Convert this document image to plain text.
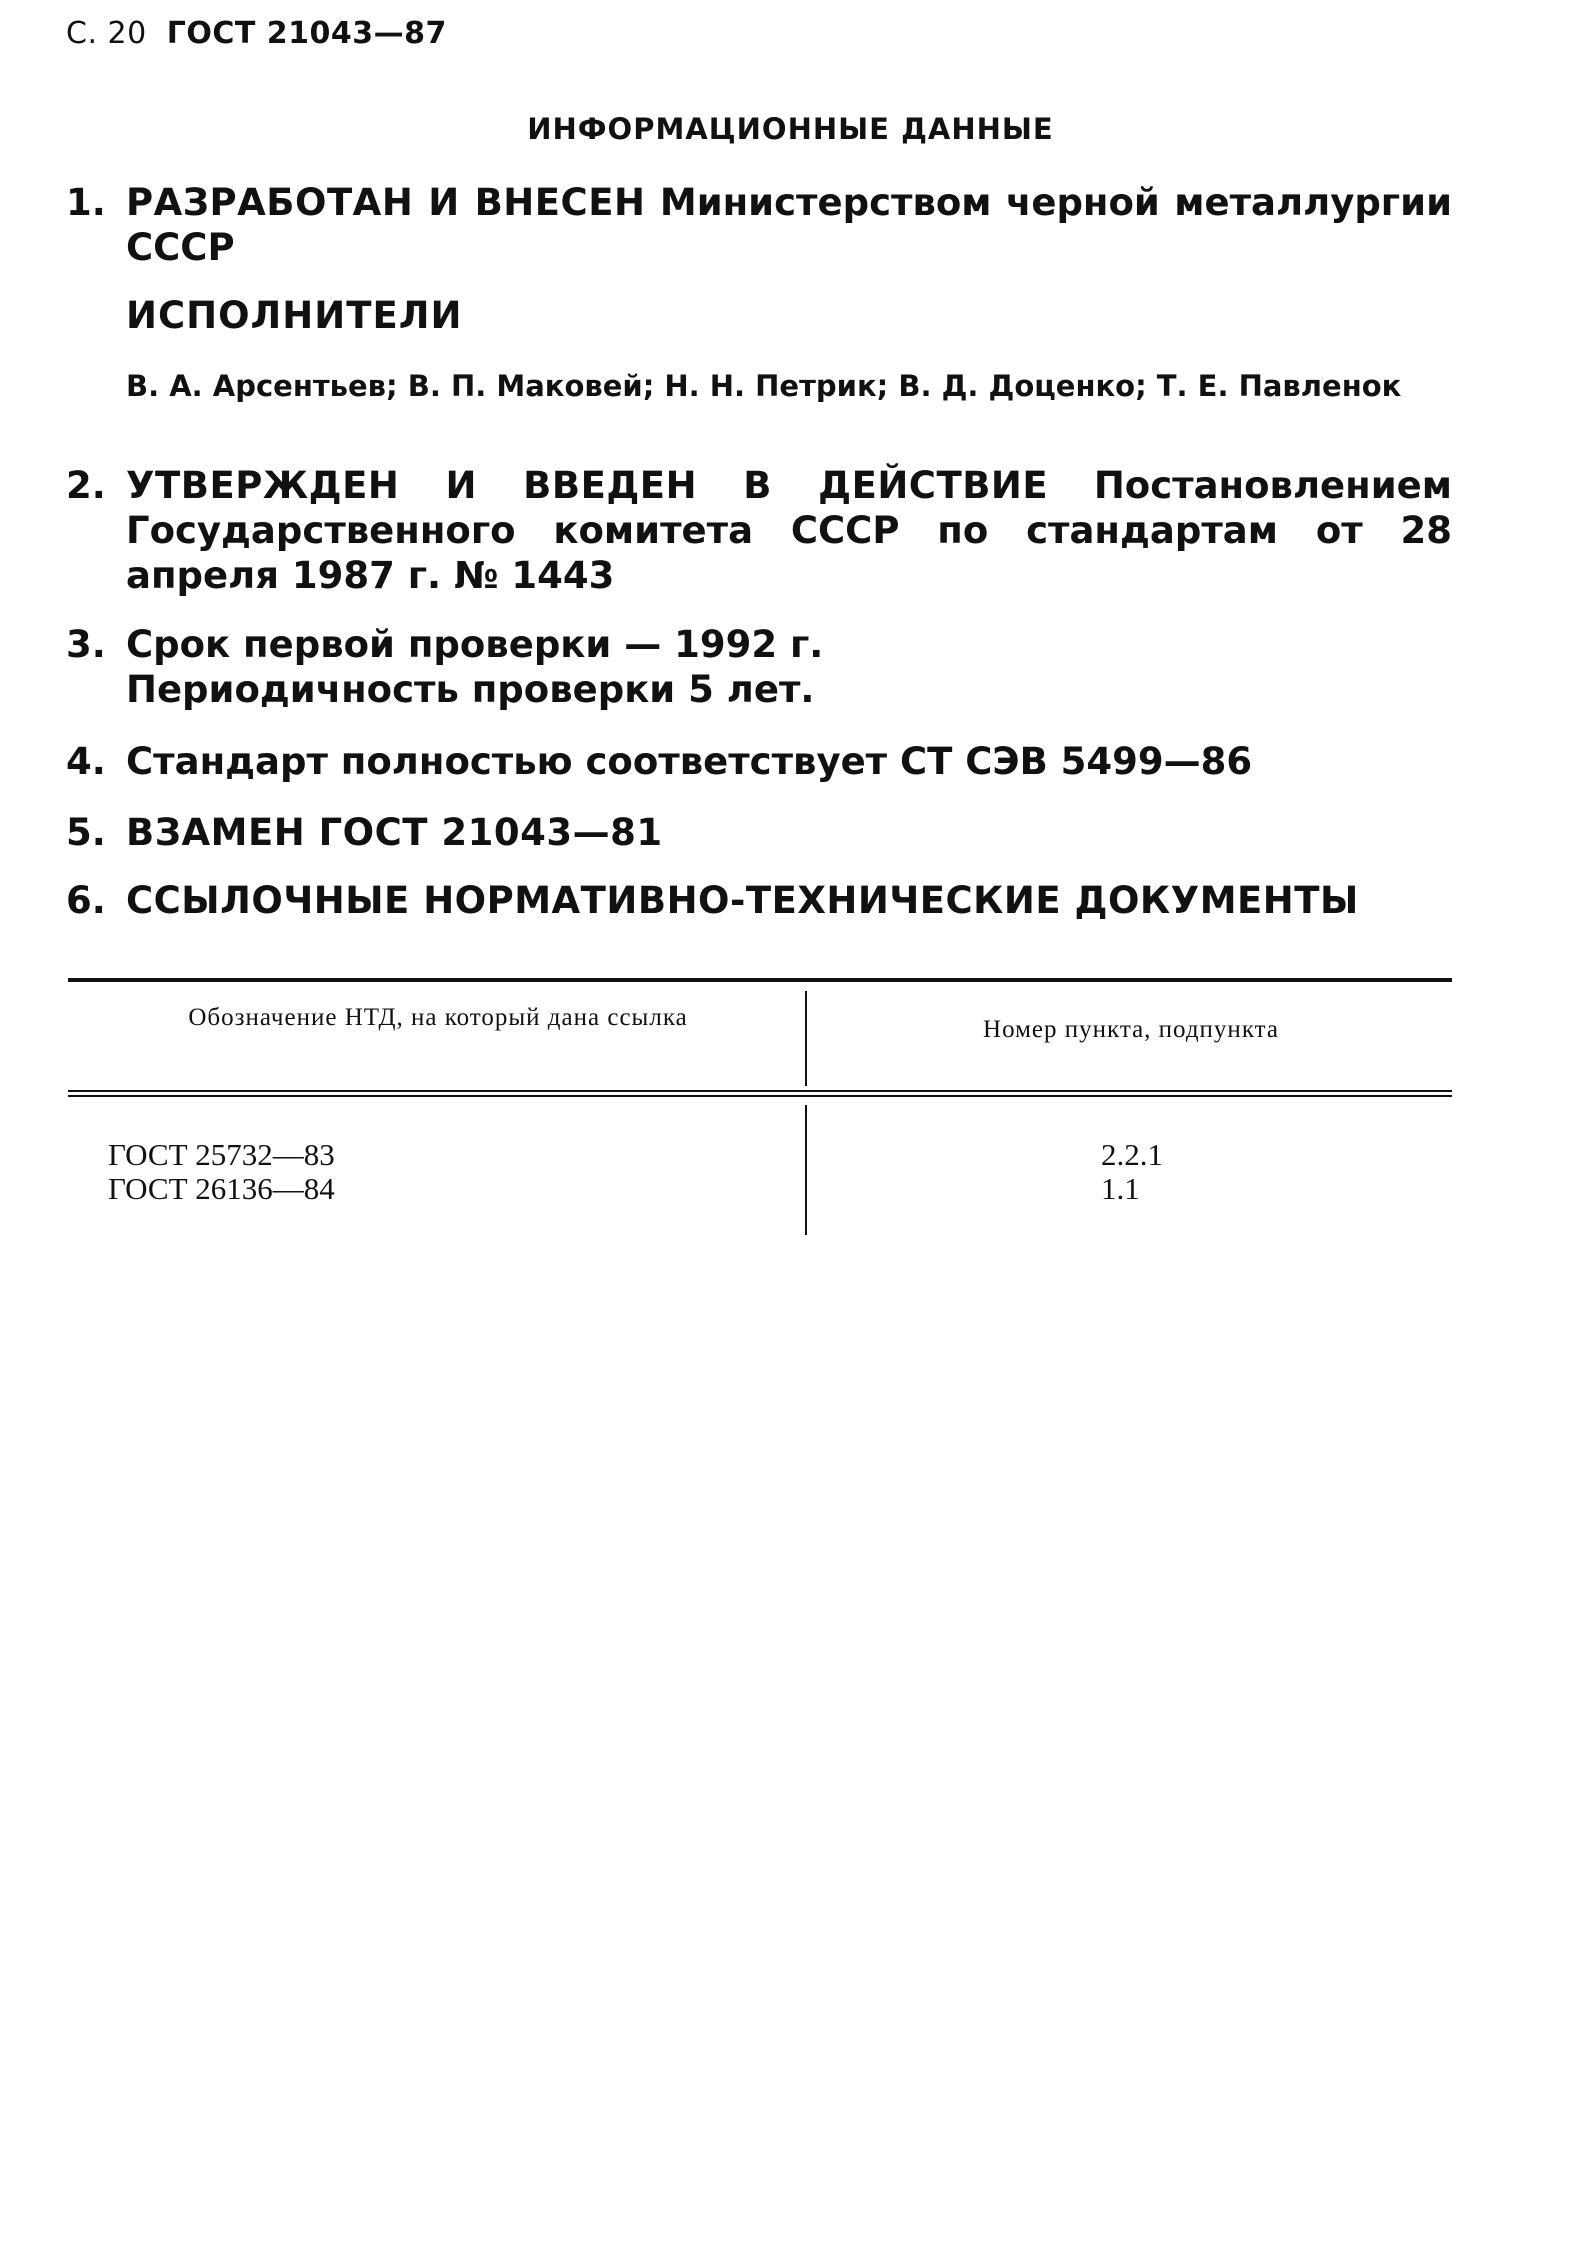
С. 20 ГОСТ 21043—87
ИНФОРМАЦИОННЫЕ ДАННЫЕ
1. РАЗРАБОТАН И ВНЕСЕН Министерством черной металлургии СССР
ИСПОЛНИТЕЛИ
В. А. Арсентьев; В. П. Маковей; Н. Н. Петрик; В. Д. Доценко; Т. Е. Павленок
2. УТВЕРЖДЕН И ВВЕДЕН В ДЕЙСТВИЕ Постановлением Государственного комитета СССР по стандартам от 28 апреля 1987 г. № 1443
3. Срок первой проверки — 1992 г.
Периодичность проверки 5 лет.
4. Стандарт полностью соответствует СТ СЭВ 5499—86
5. ВЗАМЕН ГОСТ 21043—81
6. ССЫЛОЧНЫЕ НОРМАТИВНО-ТЕХНИЧЕСКИЕ ДОКУМЕНТЫ
Обозначение НТД, на который дана ссылка	Номер пункта, подпункта
ГОСТ 25732—83
ГОСТ 26136—84
2.2.1
1.1
